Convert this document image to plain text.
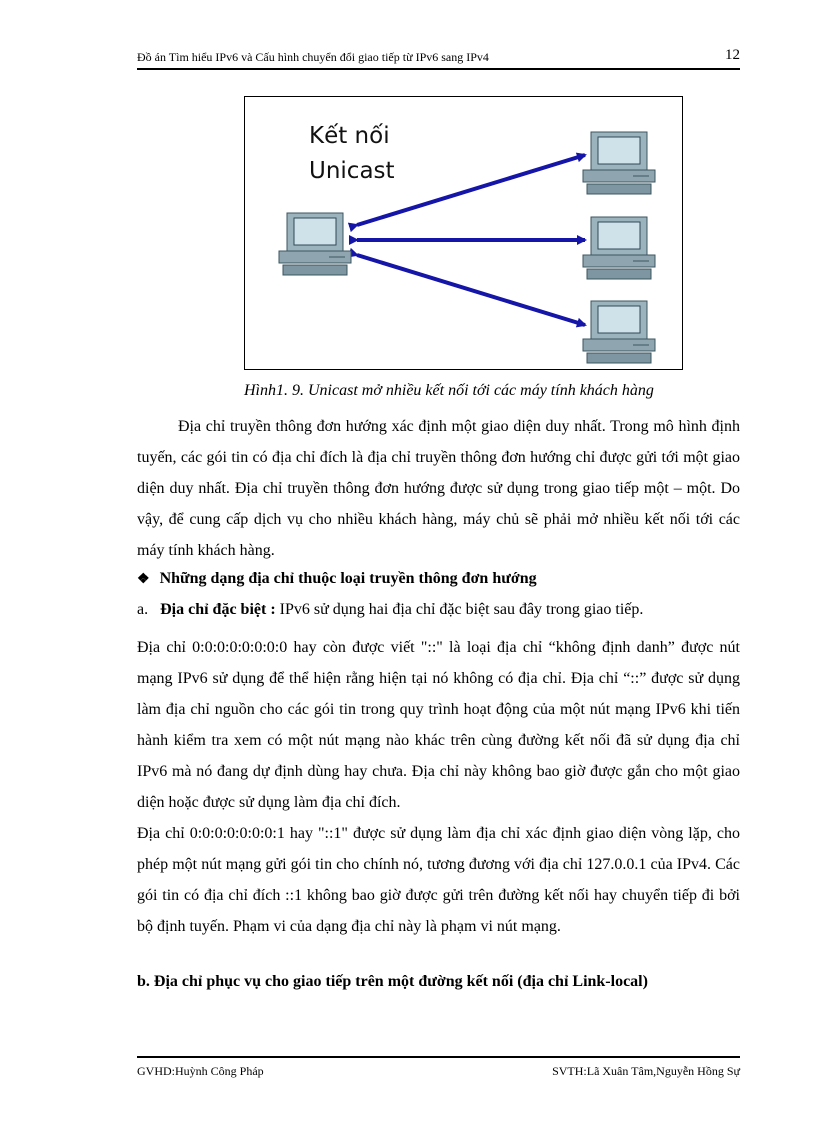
Đồ án Tìm hiểu IPv6 và Cấu hình chuyển đổi giao tiếp từ IPv6 sang IPv4	12
Kết nối
Unicast
Hình1. 9. Unicast mở nhiều kết nối tới các máy tính khách hàng

Địa chỉ truyền thông đơn hướng xác định một giao diện duy nhất. Trong mô hình định tuyến, các gói tin có địa chỉ đích là địa chỉ truyền thông đơn hướng chỉ được gửi tới một giao diện duy nhất. Địa chỉ truyền thông đơn hướng được sử dụng trong giao tiếp một – một. Do vậy, để cung cấp dịch vụ cho nhiều khách hàng, máy chủ sẽ phải mở nhiều kết nối tới các máy tính khách hàng.

❖ Những dạng địa chỉ thuộc loại truyền thông đơn hướng
a. Địa chỉ đặc biệt : IPv6 sử dụng hai địa chỉ đặc biệt sau đây trong giao tiếp.

Địa chỉ 0:0:0:0:0:0:0:0 hay còn được viết "::" là loại địa chỉ “không định danh” được nút mạng IPv6 sử dụng để thể hiện rằng hiện tại nó không có địa chỉ. Địa chỉ “::” được sử dụng làm địa chỉ nguồn cho các gói tin trong quy trình hoạt động của một nút mạng IPv6 khi tiến hành kiểm tra xem có một nút mạng nào khác trên cùng đường kết nối đã sử dụng địa chỉ IPv6 mà nó đang dự định dùng hay chưa. Địa chỉ này không bao giờ được gắn cho một giao diện hoặc được sử dụng làm địa chỉ đích.

Địa chỉ 0:0:0:0:0:0:0:1 hay "::1" được sử dụng làm địa chỉ xác định giao diện vòng lặp, cho phép một nút mạng gửi gói tin cho chính nó, tương đương với địa chỉ 127.0.0.1 của IPv4. Các gói tin có địa chỉ đích ::1 không bao giờ được gửi trên đường kết nối hay chuyển tiếp đi bởi bộ định tuyến. Phạm vi của dạng địa chỉ này là phạm vi nút mạng.

b. Địa chỉ phục vụ cho giao tiếp trên một đường kết nối (địa chỉ Link-local)
GVHD:Huỳnh Công Pháp	SVTH:Lã Xuân Tâm,Nguyễn Hồng Sự
